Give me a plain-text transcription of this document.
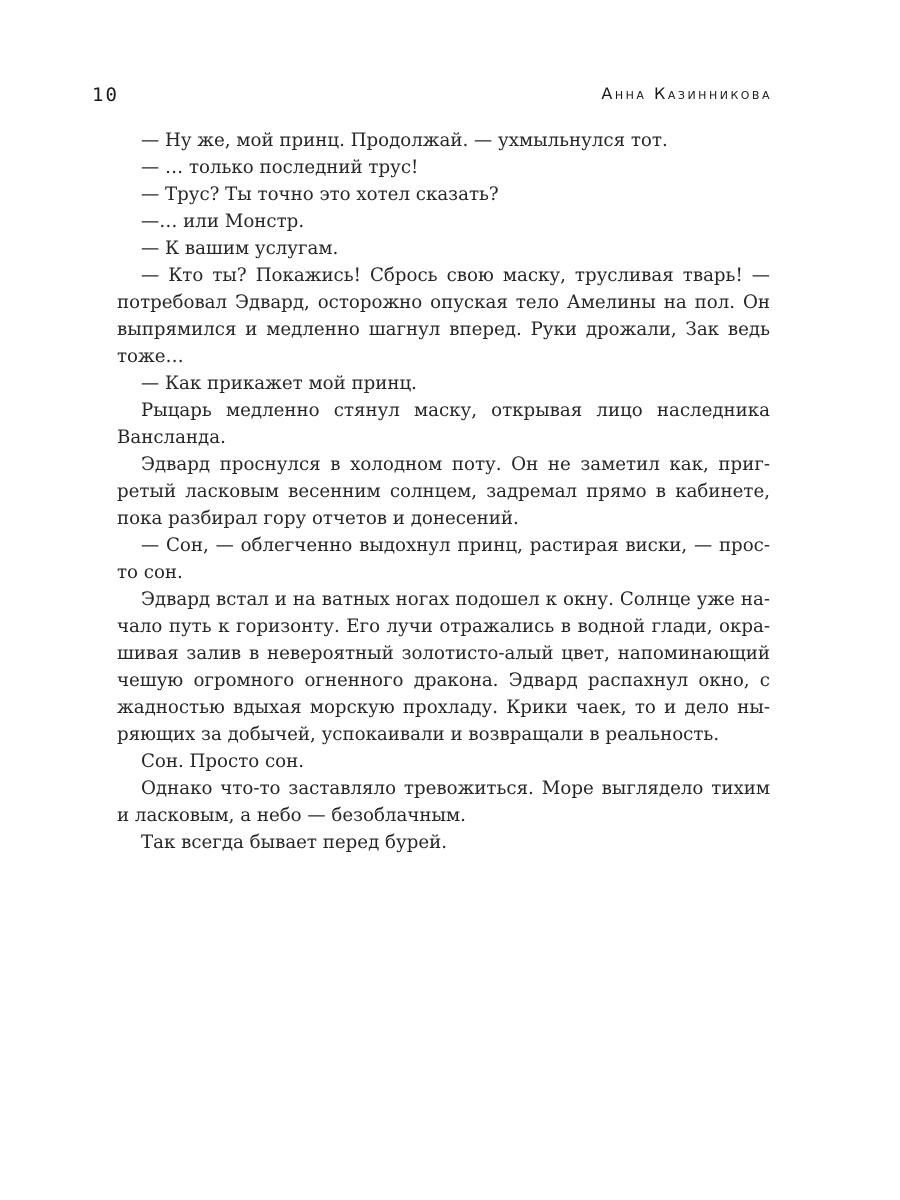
10	Анна Казинникова

— Ну же, мой принц. Продолжай. — ухмыльнулся тот.

— … только последний трус!

— Трус? Ты точно это хотел сказать?

—… или Монстр.

— К вашим услугам.

— Кто ты? Покажись! Сбрось свою маску, трусливая тварь! — потребовал Эдвард, осторожно опуская тело Амелины на пол. Он выпрямился и медленно шагнул вперед. Руки дрожали, Зак ведь тоже…

— Как прикажет мой принц.

Рыцарь медленно стянул маску, открывая лицо наследника Вансланда.

Эдвард проснулся в холодном поту. Он не заметил как, пригретый ласковым весенним солнцем, задремал прямо в кабинете, пока разбирал гору отчетов и донесений.

— Сон, — облегченно выдохнул принц, растирая виски, — просто сон.

Эдвард встал и на ватных ногах подошел к окну. Солнце уже начало путь к горизонту. Его лучи отражались в водной глади, окрашивая залив в невероятный золотисто-алый цвет, напоминающий чешую огромного огненного дракона. Эдвард распахнул окно, с жадностью вдыхая морскую прохладу. Крики чаек, то и дело ныряющих за добычей, успокаивали и возвращали в реальность.

Сон. Просто сон.

Однако что-то заставляло тревожиться. Море выглядело тихим и ласковым, а небо — безоблачным.

Так всегда бывает перед бурей.
